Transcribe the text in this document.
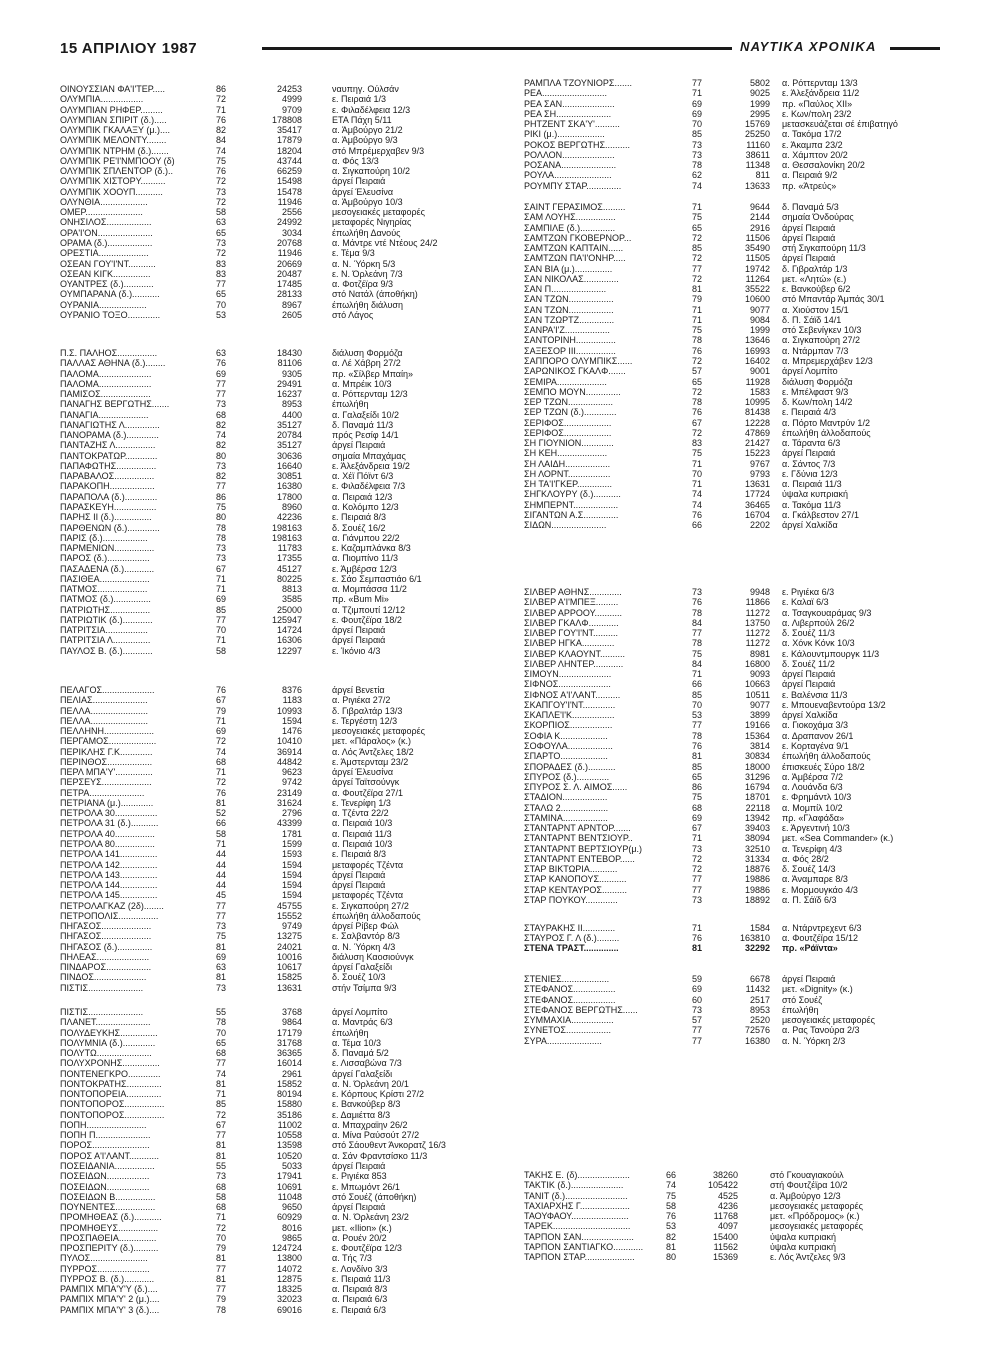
15 ΑΠΡΙΛΙΟΥ 1987	ΝΑΥΤΙΚΑ ΧΡΟΝΙΚΑ
ΟΙΝΟΥΣΣΙΑΝ ΦΑ'Ι'ΤΕΡ.....	86	24253	ναυπηγ. Ούλσάν
ΟΛΥΜΠΙΑ.................	72	4999	ε. Πειραιά 1/3
ΟΛΥΜΠΙΑΝ ΡΗΦΕΡ.........	71	9709	ε. Φιλαδέλφεια 12/3
ΟΛΥΜΠΙΑΝ ΣΠΙΡΙΤ (δ.).....	76	178808	ΕΤΑ Πάχη 5/11
ΟΛΥΜΠΙΚ ΓΚΑΛΑΞΥ (μ.)....	82	35417	α. Άμβούργο 21/2
ΟΛΥΜΠΙΚ ΜΕΛΟΝΤΥ........	84	17879	α. Άμβούργο 9/3
ΟΛΥΜΠΙΚ ΝΤΡΗΜ (δ.).......	74	18204	στό Μπρέμερχαβεν 9/3
ΟΛΥΜΠΙΚ ΡΕ'Ι'ΝΜΠΟΟΥ (δ)	75	43744	α. Φός 13/3
ΟΛΥΜΠΙΚ ΣΠΛΕΝΤΟΡ (δ.)..	76	66259	α. Σιγκαπούρη 10/2
ΟΛΥΜΠΙΚ ΧΙΣΤΟΡΥ..........	72	15498	άργεί Πειραιά
ΟΛΥΜΠΙΚ ΧΟΟΥΠ...........	73	15478	άργεί Έλευσίνα
ΟΛΥΝΘΙΑ...................	72	11946	α. Άμβούργο 10/3
ΟΜΕΡ.......................	58	2556	μεσογειακές μεταφορές
ΟΝΗΣΙΛΟΣ..................	63	24992	μεταφορές Νιγηρίας
ΟΡΑ'Ι'ΟΝ......................	65	3034	έπωλήθη Δανούς
ΟΡΑΜΑ (δ.)..................	73	20768	α. Μάντρε ντέ Ντέους 24/2
ΟΡΕΣΤΙΑ....................	72	11946	ε. Τέμα 9/3
ΟΣΕΑΝ ΓΟΥ'Ι'ΝΤ...........	83	20669	α. Ν. Ύόρκη 5/3
ΟΣΕΑΝ ΚΙΓΚ...............	83	20487	ε. Ν. Όρλεάνη 7/3
ΟΥΑΝΤΡΕΣ (δ.)............	77	17485	α. Φοτζέϊρα 9/3
ΟΥΜΠΑΡΑΝΑ (δ.)...........	65	28133	στό Νατάλ (άποθήκη)
ΟΥΡΑΝΙΑ...................	70	8967	έπωλήθη διάλυση
ΟΥΡΑΝΙΟ ΤΟΞΟ.............	53	2605	στό Λάγος
Π.Σ. ΠΑΛΗΟΣ................	63	18430	διάλυση Φορμόζα
ΠΑΛΛΑΣ ΑΘΗΝΑ (δ.)........	76	81106	α. Λέ Χάβρη 27/2
ΠΑΛΟΜΑ.....................	69	9305	πρ. «Σίλβερ Μπαίη»
ΠΑΛΟΜΑ.....................	77	29491	α. Μπρέικ 10/3
ΠΑΜΙΣΟΣ....................	77	16237	α. Ρόττερνταμ 12/3
ΠΑΝΑΓΗΣ ΒΕΡΓΩΤΗΣ.......	73	8953	έπωλήθη
ΠΑΝΑΓΙΑ....................	68	4400	α. Γαλαξείδι 10/2
ΠΑΝΑΓΙΩΤΗΣ Λ..............	82	35127	δ. Παναμά 11/3
ΠΑΝΟΡΑΜΑ (δ.).............	74	20784	πρός Ρεσίφ 14/1
ΠΑΝΤΑΖΗΣ Λ................	82	35127	άργεί Πειραιά
ΠΑΝΤΟΚΡΑΤΩΡ.............	80	30636	σημαία Μπαχάμας
ΠΑΠΑΦΩΤΗΣ................	73	16640	ε. Άλεξάνδρεια 19/2
ΠΑΡΑΒΑΛΟΣ................	82	30851	α. Χέϊ Πόϊντ 6/3
ΠΑΡΑΚΟΠΗ..................	77	16380	ε. Φιλαδέλφεια 7/3
ΠΑΡΑΠΟΛΑ (δ.).............	86	17800	α. Πειραιά 12/3
ΠΑΡΑΣΚΕΥΗ.................	75	8960	α. Κολόμπο 12/3
ΠΑΡΗΣ ΙΙ (δ.)...............	80	42236	ε. Πειραιά 8/3
ΠΑΡΘΕΝΩΝ (δ.).............	78	198163	δ. Σουέζ 16/2
ΠΑΡΙΣ (δ.)..................	78	198163	α. Γιάνμπου 22/2
ΠΑΡΜΕΝΙΩΝ................	73	11783	ε. Καζαμπλάνκα 8/3
ΠΑΡΟΣ (δ.).................	73	17355	α. Πιομπίνο 11/3
ΠΑΣΑΔΕΝΑ (δ.)............	67	45127	ε. Άμβέρσα 12/3
ΠΑΣΙΘΕΑ....................	71	80225	ε. Σάο Σεμπαστιάο 6/1
ΠΑΤΜΟΣ....................	71	8813	α. Μομπάσσα 11/2
ΠΑΤΜΟΣ (δ.)...............	69	3585	πρ. «Bum Mi»
ΠΑΤΡΙΩΤΗΣ................	85	25000	α. Τζιμπουτί 12/12
ΠΑΤΡΙΩΤΙΚ (δ.)............	77	125947	ε. Φουτζέϊρα 18/2
ΠΑΤΡΙΤΣΙΑ.................	70	14724	άργεί Πειραιά
ΠΑΤΡΙΤΣΙΑ Λ...............	71	16306	άργεί Πειραιά
ΠΑΥΛΟΣ Β. (δ.)............	58	12297	ε. Ίκόνιο 4/3
ΠΕΛΑΓΟΣ.....................	76	8376	άργεί Βενετία
ΠΕΛΙΑΣ......................	67	1183	α. Ριγιέκα 27/2
ΠΕΛΛΑ.......................	79	10993	δ. Γιβραλτάρ 13/3
ΠΕΛΛΑ.......................	71	1594	ε. Τεργέστη 12/3
ΠΕΛΛΗΝΗ....................	69	1476	μεσογειακές μεταφορές
ΠΕΡΓΑΜΟΣ...................	72	10410	μετ. «Πάραλος» (κ.)
ΠΕΡΙΚΛΗΣ Γ.Κ.............	74	36914	α. Λός Άντζελες 18/2
ΠΕΡΙΝΘΟΣ..................	68	44842	ε. Άμστερνταμ 23/2
ΠΕΡΛ ΜΠΑ'Υ'...............	71	9623	άργεί Έλευσίνα
ΠΕΡΣΕΥΣ....................	72	9742	άργεί Ταϊτσούνγκ
ΠΕΤΡΑ......................	76	23149	α. Φουτζέϊρα 27/1
ΠΕΤΡΙΑΝΑ (μ.).............	81	31624	ε. Τενερίφη 1/3
ΠΕΤΡΟΛΑ 30.................	52	2796	α. Τζέντα 22/2
ΠΕΤΡΟΛΑ 31 (δ.)...........	66	43399	α. Πειραιά 10/3
ΠΕΤΡΟΛΑ 40................	58	1781	α. Πειραιά 11/3
ΠΕΤΡΟΛΑ 80................	71	1599	α. Πειραιά 10/3
ΠΕΤΡΟΛΑ 141...............	44	1593	ε. Πειραιά 8/3
ΠΕΤΡΟΛΑ 142...............	44	1594	μεταφορές Τζέντα
ΠΕΤΡΟΛΑ 143...............	44	1594	άργεί Πειραιά
ΠΕΤΡΟΛΑ 144...............	44	1594	άργεί Πειραιά
ΠΕΤΡΟΛΑ 145...............	45	1594	μεταφορές Τζέντα
ΠΕΤΡΟΛΑΓΚΑΖ (2δ)........	77	45755	ε. Σιγκαπούρη 27/2
ΠΕΤΡΟΠΟΛΙΣ................	77	15552	έπωλήθη άλλοδαπούς
ΠΗΓΑΣΟΣ....................	73	9749	άργεί Ρίβερ Φώλ
ΠΗΓΑΣΟΣ....................	75	13275	ε. Σαλβαντόρ 8/3
ΠΗΓΑΣΟΣ (δ.)..............	81	24021	α. Ν. Ύόρκη 4/3
ΠΗΛΕΑΣ.....................	69	10016	διάλυση Καοσιούνγκ
ΠΙΝΔΑΡΟΣ..................	63	10617	άργεί Γαλαξείδι
ΠΙΝΔΟΣ.....................	81	15825	δ. Σουέζ 10/3
ΠΙΣΤΙΣ......................	73	13631	στήν Τσίμπα 9/3
ΠΙΣΤΙΣ......................	55	3768	άργεί Λομπίτο
ΠΛΑΝΕΤ......................	78	9864	α. Μαντράς 6/3
ΠΟΛΥΔΕΥΚΗΣ...............	70	17179	έπωλήθη
ΠΟΛΥΜΝΙΑ (δ.).............	65	31768	α. Τέμα 10/3
ΠΟΛΥΤΩ......................	68	36365	δ. Παναμά 5/2
ΠΟΛΥΧΡΟΝΗΣ...............	77	16014	ε. Λισσαβώνα 7/3
ΠΟΝΤΕΝΕΓΚΡΟ.............	74	2961	άργεί Γαλαξείδι
ΠΟΝΤΟΚΡΑΤΗΣ..............	81	15852	α. Ν. Όρλεάνη 20/1
ΠΟΝΤΟΠΟΡΕΙΑ..............	71	80194	ε. Κόρπους Κρίστι 27/2
ΠΟΝΤΟΠΟΡΟΣ................	85	15880	ε. Βανκούβερ 8/3
ΠΟΝΤΟΠΟΡΟΣ................	72	35186	ε. Δαμιέττα 8/3
ΠΟΠΗ........................	67	11002	α. Μπαχραϊην 26/2
ΠΟΠΗ Π......................	77	10558	α. Μίνα Ραύσούτ 27/2
ΠΟΡΟΣ.......................	81	13598	στό Σάουθεντ Άνκορατζ 16/3
ΠΟΡΟΣ Α'Ι'ΛΑΝΤ............	81	10520	α. Σάν Φραντσίσκο 11/3
ΠΟΣΕΙΔΑΝΙΑ................	55	5033	άργεί Πειραιά
ΠΟΣΕΙΔΩΝ.................	73	17941	ε. Ριγιέκα 853
ΠΟΣΕΙΔΩΝ.................	68	10691	ε. Μπωμόντ 26/1
ΠΟΣΕΙΔΩΝ Β................	58	11048	στό Σουέζ (άποθήκη)
ΠΟΥΝΕΝΤΕΣ................	68	9650	άργεί Πειραιά
ΠΡΟΜΗΘΕΑΣ (δ.)...........	71	60929	α. Ν. Όρλεάνη 23/2
ΠΡΟΜΗΘΕΥΣ................	72	8016	μετ. «Ilion» (κ.)
ΠΡΟΣΠΑΘΕΙΑ...............	70	9865	α. Ρουέν 20/2
ΠΡΟΣΠΕΡΙΤΥ (δ.)..........	79	124724	ε. Φουτζέϊρα 12/3
ΠΥΛΟΣ.......................	81	13800	α. Τής 7/3
ΠΥΡΡΟΣ.....................	77	14072	ε. Λονδίνο 3/3
ΠΥΡΡΟΣ Β. (δ.)............	81	12875	ε. Πειραιά 11/3
ΡΑΜΠΙΧ ΜΠΑ'Υ'Υ (δ.)....	77	18325	α. Πειραιά 8/3
ΡΑΜΠΙΧ ΜΠΑ'Υ' 2 (μ.)....	79	32023	α. Πειραιά 6/3
ΡΑΜΠΙΧ ΜΠΑ'Υ' 3 (δ.)....	78	69016	ε. Πειραιά 6/3
ΡΑΜΠΛΑ ΤΖΟΥΝΙΟΡΣ.......	77	5802 α. Ρόττερνταμ 13/3
ΡΕΑ..........................	71	9025 ε. Άλεξάνδρεια 11/2
ΡΕΑ ΣΑΝ.....................	69	1999 πρ. «Παύλος XII»
ΡΕΑ ΣΗ......................	69	2995 ε. Κων/πολη 23/2
ΡΗΤΖΕΝΤ ΣΚΑ'Υ'..........	70	15769 μετασκευάζεται σέ έπιβατηγό
ΡΙΚΙ (μ.)...................	85	25250 α. Τακόμα 17/2
ΡΟΚΟΣ ΒΕΡΓΩΤΗΣ..........	73	11160 ε. Άκαμπα 23/2
ΡΟΛΛΟΝ.....................	73	38611 α. Χάμπτον 20/2
ΡΟΣΑΝΑ......................	78	11348 α. Θεσσαλονίκη 20/2
ΡΟΥΛΑ.......................	62	811 α. Πειραιά 9/2
ΡΟΥΜΠΥ ΣΤΑΡ..............	74	13633 πρ. «Άτρεύς»
ΣΑΙΝΤ ΓΕΡΑΣΙΜΟΣ.........	71	9644 δ. Παναμά 5/3
ΣΑΜ ΛΟΥΗΣ................	75	2144 σημαία Όνδούρας
ΣΑΜΠΙΛΕ (δ.)..............	65	2916 άργεί Πειραιά
ΣΑΜΤΖΩΝ ΓΚΟΒΕΡΝΟΡ...	72	11506 άργεί Πειραιά
ΣΑΜΤΖΩΝ ΚΑΠΤΑΙΝ......	85	35490 στή Σιγκαπούρη 11/3
ΣΑΜΤΖΩΝ ΠΑ'Ι'ΟΝΗΡ.....	72	11505 άργεί Πειραιά
ΣΑΝ ΒΙΑ (μ.)...............	77	19742 δ. Γιβραλτάρ 1/3
ΣΑΝ ΝΙΚΟΛΑΣ..............	72	11264 μετ. «Λητώ» (ε.)
ΣΑΝ Π......................	81	35522 ε. Βανκούβερ 6/2
ΣΑΝ ΤΖΩΝ..................	79	10600 στό Μπαντάρ Άμπάς 30/1
ΣΑΝ ΤΖΩΝ..................	71	9077 α. Χιούστον 15/1
ΣΑΝ ΤΖΩΡΤΖ..............	71	9084 δ. Π. Σάϊδ 14/1
ΣΑΝΡΑ'Ι'Ζ..................	75	1999 στό Σεβενίγκεν 10/3
ΣΑΝΤΟΡΙΝΗ................	78	13646 α. Σιγκαπούρη 27/2
ΣΑΞΕΣΟΡ ΙΙΙ................	76	16993 α. Ντάρμπαν 7/3
ΣΑΠΠΟΡΟ ΟΛΥΜΠΙΚΣ......	72	16402 α. Μπρεμερχάβεν 12/3
ΣΑΡΩΝΙΚΟΣ ΓΚΑΛΦ.......	57	9001 άργεί Λομπίτο
ΣΕΜΙΡΑ....................	65	11928 διάλυση Φορμόζα
ΣΕΜΠΟ ΜΟΥΝ..............	72	1583 ε. Μπέλφαστ 9/3
ΣΕΡ ΤΖΩΝ..................	78	10995 δ. Κων/πολη 14/2
ΣΕΡ ΤΖΩΝ (δ.).............	76	81438 ε. Πειραιά 4/3
ΣΕΡΙΦΟΣ...................	67	12228 α. Πόρτο Μαντρύν 1/2
ΣΕΡΙΦΟΣ...................	72	47869 έπωλήθη άλλοδαπούς
ΣΗ ΓΙΟΥΝΙΟΝ.............	83	21427 α. Τάραντα 6/3
ΣΗ ΚΕΗ....................	75	15223 άργεί Πειραιά
ΣΗ ΛΑΙΔΗ..................	71	9767 α. Σάντος 7/3
ΣΗ ΛΟΡΝΤ.................	70	9793 ε. Γδύνια 12/3
ΣΗ ΤΑ'Ι'ΓΚΕΡ..............	71	13631 α. Πειραιά 11/3
ΣΗΓΚΛΟΥΡΥ (δ.)...........	74	17724 ύψαλα κυπριακή
ΣΗΜΠΕΡΝΤ..................	74	36465 α. Τακόμα 11/3
ΣΙΓΑΝΤΩΝ Α.Σ..............	76	16704 α. Γκάλβεστον 27/1
ΣΙΔΩΝ......................	66	2202 άργεί Χαλκίδα
ΣΙΛΒΕΡ ΑΘΗΝΣ.............	73	9948 ε. Ριγιέκα 6/3
ΣΙΛΒΕΡ Α'Ι'ΜΠΕΞ.........	76	11866 ε. Καλαϊ 6/3
ΣΙΛΒΕΡ ΑΡΡΟΟΥ...........	78	11272 α. Τσαγκουαράμας 9/3
ΣΙΛΒΕΡ ΓΚΑΛΦ............	84	13750 α. Λιβερπούλ 26/2
ΣΙΛΒΕΡ ΓΟΥ'Ι'ΝΤ..........	77	11272 δ. Σουέζ 11/3
ΣΙΛΒΕΡ ΗΓΚΑ.............	78	11272 α. Χόνκ Κόνκ 10/3
ΣΙΛΒΕΡ ΚΛΑΟΥΝΤ..........	75	8981 ε. Κάλουντμπουργκ 11/3
ΣΙΛΒΕΡ ΛΗΝΤΕΡ............	84	16800 δ. Σουέζ 11/2
ΣΙΜΟΥΝ.....................	71	9093 άργεί Πειραιά
ΣΙΦΝΟΣ.....................	66	10663 άργεί Πειραιά
ΣΙΦΝΟΣ Α'Ι'ΛΑΝΤ..........	85	10511 ε. Βαλένσια 11/3
ΣΚΑΠΓΟΥ'Ι'ΝΤ.............	70	9077 ε. Μπουεναβεντούρα 13/2
ΣΚΑΠΛΕ'Ι'Κ.................	53	3899 άργεί Χαλκίδα
ΣΚΟΡΠΙΟΣ.................	77	19166 α. Γιοκοχάμα 3/3
ΣΟΦΙΑ Κ...................	78	15364 α. Δραπανον 26/1
ΣΟΦΟΥΛΑ..................	76	3814 ε. Κορταγένα 9/1
ΣΠΑΡΤΟ...................	81	30834 έπωλήθη άλλοδαπούς
ΣΠΟΡΑΔΕΣ (δ.)...........	85	18000 έπισκευές Σύρο 18/2
ΣΠΥΡΟΣ (δ.).............	65	31296 α. Άμβέρσα 7/2
ΣΠΥΡΟΣ Σ. Λ. ΑΙΜΟΣ......	86	16794 α. Λουάνδα 6/3
ΣΤΑΔΙΟΝ..................	75	18701 ε. Φρημάντλ 10/3
ΣΤΑΛΩ 2...................	68	22118 α. Μομπίλ 10/2
ΣΤΑΜΙΝΑ..................	69	13942 πρ. «Γλαφάδα»
ΣΤΑΝΤΑΡΝΤ ΑΡΝΤΟΡ.......	67	39403 ε. Άργεντινή 10/3
ΣΤΑΝΤΑΡΝΤ ΒΕΝΤΣΙΟΥΡ..	71	38094 μετ. «Sea Commander» (κ.)
ΣΤΑΝΤΑΡΝΤ ΒΕΡΤΣΙΟΥΡ(μ.)	73	32510 α. Τενερίφη 4/3
ΣΤΑΝΤΑΡΝΤ ΕΝΤΕΒΟΡ......	72	31334 α. Φός 28/2
ΣΤΑΡ ΒΙΚΤΩΡΙΑ...........	72	18876 δ. Σουέζ 14/3
ΣΤΑΡ ΚΑΝΟΠΟΥΣ...........	77	19886 α. Άναμπαρε 8/3
ΣΤΑΡ ΚΕΝΤΑΥΡΟΣ..........	77	19886 ε. Μορμουγκάο 4/3
ΣΤΑΡ ΠΟΥΚΟΥ.............	73	18892 α. Π. Σάϊδ 6/3
ΣΤΑΥΡΑΚΗΣ ΙΙ.............	71	1584 α. Ντάρντρεχεντ 6/3
ΣΤΑΥΡΟΣ Γ. Λ (δ.).........	76	163810 α. Φουτζέϊρα 15/12
ΣΤΕΝΑ ΤΡΑΣΤ..............	81	32292 πρ. «Ράϊντα»
ΣΤΕΝΙΕΣ...................	59	6678 άργεί Πειραιά
ΣΤΕΦΑΝΟΣ.................	69	11432 μετ. «Dignity» (κ.)
ΣΤΕΦΑΝΟΣ.................	60	2517 στό Σουέζ
ΣΤΕΦΑΝΟΣ ΒΕΡΓΩΤΗΣ......	73	8953 έπωλήθη
ΣΥΜΜΑΧΙΑ.................	57	2520 μεσογειακές μεταφορές
ΣΥΝΕΤΟΣ..................	77	72576 α. Ρας Τανούρα 2/3
ΣΥΡΑ......................	77	16380 α. Ν. Ύόρκη 2/3
ΤΑΚΗΣ Ε. (δ).....................	66	38260	στό Γκουαγιακούιλ
ΤΑΚΤΙΚ (δ.).....................	74	105422	στή Φουτζέϊρα 10/2
ΤΑΝΙΤ (δ.).........................	75	4525	α. Άμβούργο 12/3
ΤΑΧΙΑΡΧΗΣ Γ....................	58	4236	μεσογειακές μεταφορές
ΤΑΟΥΦΑΟΥ.......................	76	11768	μετ. «Πρόδρομος» (κ.)
ΤΑΡΕΚ...............................	53	4097	μεσογειακές μεταφορές
ΤΑΡΠΟΝ ΣΑΝ.....................	82	15400	ύψαλα κυπριακή
ΤΑΡΠΟΝ ΣΑΝΤΙΑΓΚΟ............	81	11562	ύψαλα κυπριακή
ΤΑΡΠΟΝ ΣΤΑΡ....................	80	15369	ε. Λός Άντζελες 9/3
